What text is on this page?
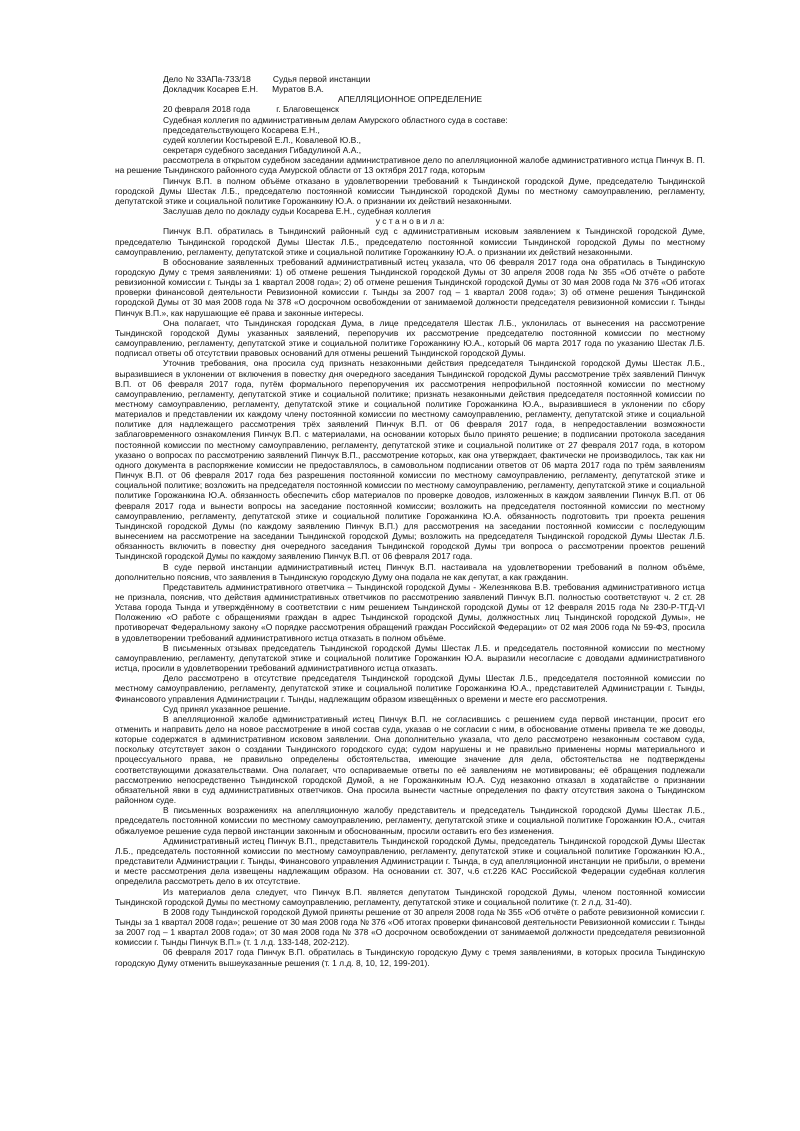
Дело № 33АПа-733/18	Судья первой инстанции
Докладчик Косарев Е.Н. Муратов В.А.
АПЕЛЛЯЦИОННОЕ ОПРЕДЕЛЕНИЕ
20 февраля 2018 года	г. Благовещенск
Судебная коллегия по административным делам Амурского областного суда в составе:
председательствующего Косарева Е.Н.,
судей коллегии Костыревой Е.Л., Ковалевой Ю.В.,
секретаря судебного заседания Гибадулиной А.А.,

рассмотрела в открытом судебном заседании административное дело по апелляционной жалобе административного истца Пинчук В. П. на решение Тындинского районного суда Амурской области от 13 октября 2017 года, которым

Пинчук В.П. в полном объёме отказано в удовлетворении требований к Тындинской городской Думе, председателю Тындинской городской Думы Шестак Л.Б., председателю постоянной комиссии Тындинской городской Думы по местному самоуправлению, регламенту, депутатской этике и социальной политике Горожанкину Ю.А. о признании их действий незаконными.

Заслушав дело по докладу судьи Косарева Е.Н., судебная коллегия

у с т а н о в и л а:

Пинчук В.П. обратилась в Тындинский районный суд с административным исковым заявлением к Тындинской городской Думе, председателю Тындинской городской Думы Шестак Л.Б., председателю постоянной комиссии Тындинской городской Думы по местному самоуправлению, регламенту, депутатской этике и социальной политике Горожанкину Ю.А. о признании их действий незаконными.

В обоснование заявленных требований административный истец указала, что 06 февраля 2017 года она обратилась в Тындинскую городскую Думу с тремя заявлениями: 1) об отмене решения Тындинской городской Думы от 30 апреля 2008 года № 355 «Об отчёте о работе ревизионной комиссии г. Тынды за 1 квартал 2008 года»; 2) об отмене решения Тындинской городской Думы от 30 мая 2008 года № 376 «Об итогах проверки финансовой деятельности Ревизионной комиссии г. Тынды за 2007 год – 1 квартал 2008 года»; 3) об отмене решения Тындинской городской Думы от 30 мая 2008 года № 378 «О досрочном освобождении от занимаемой должности председателя ревизионной комиссии г. Тынды Пинчук В.П.», как нарушающие её права и законные интересы.

Она полагает, что Тындинская городская Дума, в лице председателя Шестак Л.Б., уклонилась от вынесения на рассмотрение Тындинской городской Думы указанных заявлений, перепоручив их рассмотрение председателю постоянной комиссии по местному самоуправлению, регламенту, депутатской этике и социальной политике Горожанкину Ю.А., который 06 марта 2017 года по указанию Шестак Л.Б. подписал ответы об отсутствии правовых оснований для отмены решений Тындинской городской Думы.

Уточнив требования, она просила суд признать незаконными действия председателя Тындинской городской Думы Шестак Л.Б., выразившиеся в уклонении от включения в повестку дня очередного заседания Тындинской городской Думы рассмотрение трёх заявлений Пинчук В.П. от 06 февраля 2017 года, путём формального перепоручения их рассмотрения непрофильной постоянной комиссии по местному самоуправлению, регламенту, депутатской этике и социальной политике; признать незаконными действия председателя постоянной комиссии по местному самоуправлению, регламенту, депутатской этике и социальной политике Горожанкина Ю.А., выразившиеся в уклонении по сбору материалов и представлении их каждому члену постоянной комиссии по местному самоуправлению, регламенту, депутатской этике и социальной политике для надлежащего рассмотрения трёх заявлений Пинчук В.П. от 06 февраля 2017 года, в непредоставлении возможности заблаговременного ознакомления Пинчук В.П. с материалами, на основании которых было принято решение; в подписании протокола заседания постоянной комиссии по местному самоуправлению, регламенту, депутатской этике и социальной политике от 27 февраля 2017 года, в котором указано о вопросах по рассмотрению заявлений Пинчук В.П., рассмотрение которых, как она утверждает, фактически не производилось, так как ни одного документа в распоряжение комиссии не предоставлялось, в самовольном подписании ответов от 06 марта 2017 года по трём заявлениям Пинчук В.П. от 06 февраля 2017 года без разрешения постоянной комиссии по местному самоуправлению, регламенту, депутатской этике и социальной политике; возложить на председателя постоянной комиссии по местному самоуправлению, регламенту, депутатской этике и социальной политике Горожанкина Ю.А. обязанность обеспечить сбор материалов по проверке доводов, изложенных в каждом заявлении Пинчук В.П. от 06 февраля 2017 года и вынести вопросы на заседание постоянной комиссии; возложить на председателя постоянной комиссии по местному самоуправлению, регламенту, депутатской этике и социальной политике Горожанкина Ю.А. обязанность подготовить три проекта решения Тындинской городской Думы (по каждому заявлению Пинчук В.П.) для рассмотрения на заседании постоянной комиссии с последующим вынесением на рассмотрение на заседании Тындинской городской Думы; возложить на председателя Тындинской городской Думы Шестак Л.Б. обязанность включить в повестку дня очередного заседания Тындинской городской Думы три вопроса о рассмотрении проектов решений Тындинской городской Думы по каждому заявлению Пинчук В.П. от 06 февраля 2017 года.

В суде первой инстанции административный истец Пинчук В.П. настаивала на удовлетворении требований в полном объёме, дополнительно пояснив, что заявления в Тындинскую городскую Думу она подала не как депутат, а как гражданин.

Представитель административного ответчика – Тындинской городской Думы - Железнякова В.В. требования административного истца не признала, пояснив, что действия административных ответчиков по рассмотрению заявлений Пинчук В.П. полностью соответствуют ч. 2 ст. 28 Устава города Тында и утверждённому в соответствии с ним решением Тындинской городской Думы от 12 февраля 2015 года № 230-Р-ТГД-VI Положению «О работе с обращениями граждан в адрес Тындинской городской Думы, должностных лиц Тындинской городской Думы», не противоречат Федеральному закону «О порядке рассмотрения обращений граждан Российской Федерации» от 02 мая 2006 года № 59-ФЗ, просила в удовлетворении требований административного истца отказать в полном объёме.

В письменных отзывах председатель Тындинской городской Думы Шестак Л.Б. и председатель постоянной комиссии по местному самоуправлению, регламенту, депутатской этике и социальной политике Горожанкин Ю.А. выразили несогласие с доводами административного истца, просили в удовлетворении требований административного истца отказать.

Дело рассмотрено в отсутствие председателя Тындинской городской Думы Шестак Л.Б., председателя постоянной комиссии по местному самоуправлению, регламенту, депутатской этике и социальной политике Горожанкина Ю.А., представителей Администрации г. Тынды, Финансового управления Администрации г. Тынды, надлежащим образом извещённых о времени и месте его рассмотрения.

Суд принял указанное решение.

В апелляционной жалобе административный истец Пинчук В.П. не согласившись с решением суда первой инстанции, просит его отменить и направить дело на новое рассмотрение в иной состав суда, указав о не согласии с ним, в обоснование отмены привела те же доводы, которые содержатся в административном исковом заявлении. Она дополнительно указала, что дело рассмотрено незаконным составом суда, поскольку отсутствует закон о создании Тындинского городского суда; судом нарушены и не правильно применены нормы материального и процессуального права, не правильно определены обстоятельства, имеющие значение для дела, обстоятельства не подтверждены соответствующими доказательствами. Она полагает, что оспариваемые ответы по её заявлениям не мотивированы; её обращения подлежали рассмотрению непосредственно Тындинской городской Думой, а не Горожанкиным Ю.А. Суд незаконно отказал в ходатайстве о признании обязательной явки в суд административных ответчиков. Она просила вынести частные определения по факту отсутствия закона о Тындинском районном суде.

В письменных возражениях на апелляционную жалобу представитель и председатель Тындинской городской Думы Шестак Л.Б., председатель постоянной комиссии по местному самоуправлению, регламенту, депутатской этике и социальной политике Горожанкин Ю.А., считая обжалуемое решение суда первой инстанции законным и обоснованным, просили оставить его без изменения.

Административный истец Пинчук В.П., представитель Тындинской городской Думы, председатель Тындинской городской Думы Шестак Л.Б., председатель постоянной комиссии по местному самоуправлению, регламенту, депутатской этике и социальной политике Горожанкин Ю.А., представители Администрации г. Тынды, Финансового управления Администрации г. Тында, в суд апелляционной инстанции не прибыли, о времени и месте рассмотрения дела извещены надлежащим образом. На основании ст. 307, ч.6 ст.226 КАС Российской Федерации судебная коллегия определила рассмотреть дело в их отсутствие.

Из материалов дела следует, что Пинчук В.П. является депутатом Тындинской городской Думы, членом постоянной комиссии Тындинской городской Думы по местному самоуправлению, регламенту, депутатской этике и социальной политике (т. 2 л.д. 31-40).

В 2008 году Тындинской городской Думой приняты решение от 30 апреля 2008 года № 355 «Об отчёте о работе ревизионной комиссии г. Тынды за 1 квартал 2008 года»; решение от 30 мая 2008 года № 376 «Об итогах проверки финансовой деятельности Ревизионной комиссии г. Тынды за 2007 год – 1 квартал 2008 года»; от 30 мая 2008 года № 378 «О досрочном освобождении от занимаемой должности председателя ревизионной комиссии г. Тынды Пинчук В.П.» (т. 1 л.д. 133-148, 202-212).

06 февраля 2017 года Пинчук В.П. обратилась в Тындинскую городскую Думу с тремя заявлениями, в которых просила Тындинскую городскую Думу отменить вышеуказанные решения (т. 1 л.д. 8, 10, 12, 199-201).
